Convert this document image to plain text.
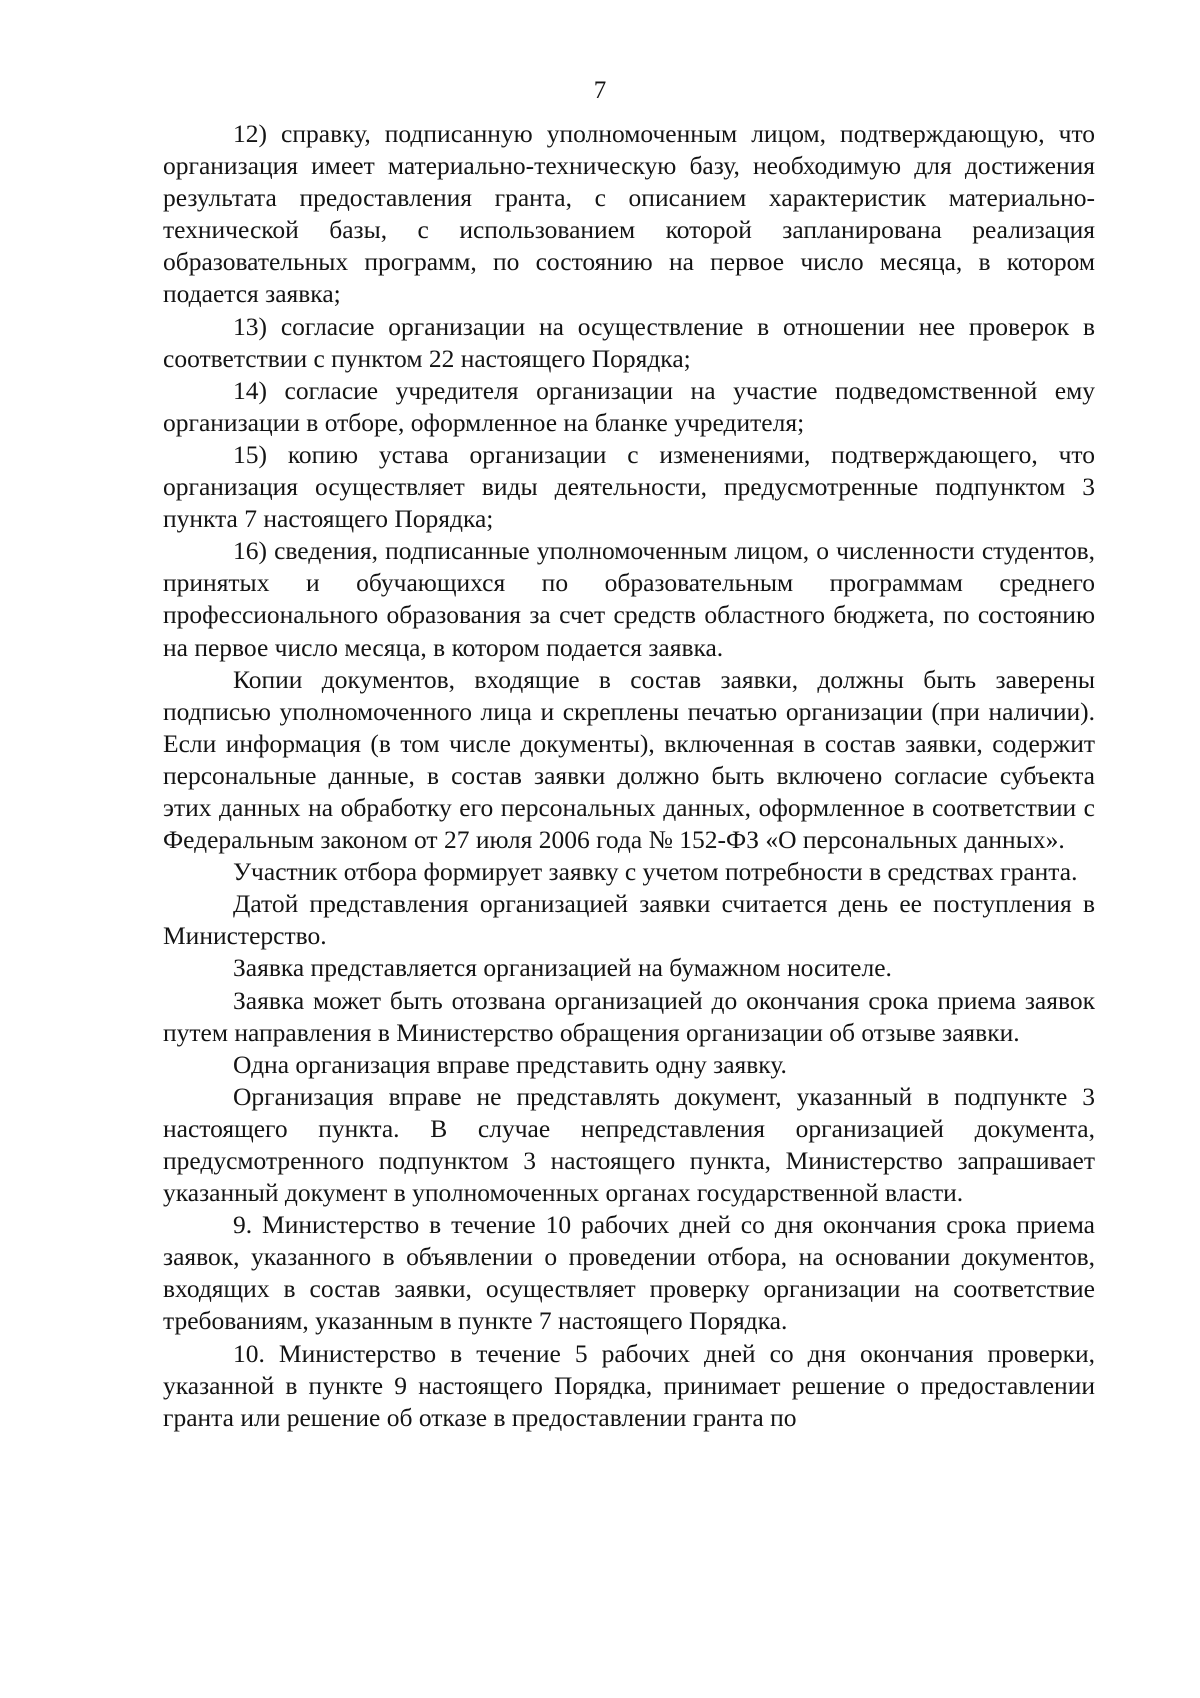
7

12) справку, подписанную уполномоченным лицом, подтверждающую, что организация имеет материально-техническую базу, необходимую для достижения результата предоставления гранта, с описанием характеристик материально-технической базы, с использованием которой запланирована реализация образовательных программ, по состоянию на первое число месяца, в котором подается заявка;

13) согласие организации на осуществление в отношении нее проверок в соответствии с пунктом 22 настоящего Порядка;

14) согласие учредителя организации на участие подведомственной ему организации в отборе, оформленное на бланке учредителя;

15) копию устава организации с изменениями, подтверждающего, что организация осуществляет виды деятельности, предусмотренные подпунктом 3 пункта 7 настоящего Порядка;

16) сведения, подписанные уполномоченным лицом, о численности студентов, принятых и обучающихся по образовательным программам среднего профессионального образования за счет средств областного бюджета, по состоянию на первое число месяца, в котором подается заявка.

Копии документов, входящие в состав заявки, должны быть заверены подписью уполномоченного лица и скреплены печатью организации (при наличии). Если информация (в том числе документы), включенная в состав заявки, содержит персональные данные, в состав заявки должно быть включено согласие субъекта этих данных на обработку его персональных данных, оформленное в соответствии с Федеральным законом от 27 июля 2006 года № 152-ФЗ «О персональных данных».

Участник отбора формирует заявку с учетом потребности в средствах гранта.

Датой представления организацией заявки считается день ее поступления в Министерство.

Заявка представляется организацией на бумажном носителе.

Заявка может быть отозвана организацией до окончания срока приема заявок путем направления в Министерство обращения организации об отзыве заявки.

Одна организация вправе представить одну заявку.

Организация вправе не представлять документ, указанный в подпункте 3 настоящего пункта. В случае непредставления организацией документа, предусмотренного подпунктом 3 настоящего пункта, Министерство запрашивает указанный документ в уполномоченных органах государственной власти.

9. Министерство в течение 10 рабочих дней со дня окончания срока приема заявок, указанного в объявлении о проведении отбора, на основании документов, входящих в состав заявки, осуществляет проверку организации на соответствие требованиям, указанным в пункте 7 настоящего Порядка.

10. Министерство в течение 5 рабочих дней со дня окончания проверки, указанной в пункте 9 настоящего Порядка, принимает решение о предоставлении гранта или решение об отказе в предоставлении гранта по
